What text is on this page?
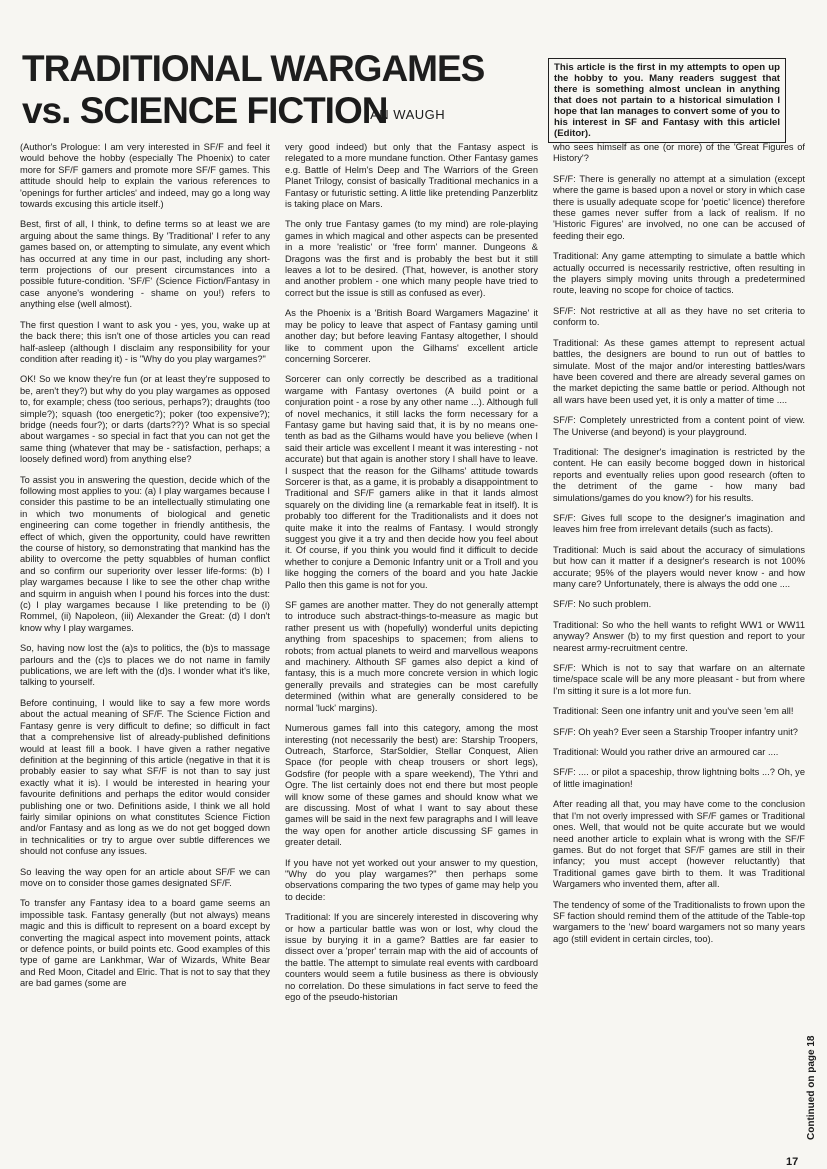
TRADITIONAL WARGAMES
vs. SCIENCE FICTION
IAN WAUGH
This article is the first in my attempts to open up the hobby to you. Many readers suggest that there is something almost unclean in anything that does not partain to a historical simulation I hope that Ian manages to convert some of you to his interest in SF and Fantasy with this articlel (Editor).

(Author's Prologue: I am very interested in SF/F and feel it would behove the hobby (especially The Phoenix) to cater more for SF/F gamers and promote more SF/F games. This attitude should help to explain the various references to 'openings for further articles' and indeed, may go a long way towards excusing this article itself.)

Best, first of all, I think, to define terms so at least we are arguing about the same things. By 'Traditional' I refer to any games based on, or attempting to simulate, any event which has occurred at any time in our past, including any short-term projections of our present circumstances into a possible future-condition. 'SF/F' (Science Fiction/Fantasy in case anyone's wondering - shame on you!) refers to anything else (well almost).

The first question I want to ask you - yes, you, wake up at the back there; this isn't one of those articles you can read half-asleep (although I disclaim any responsibility for your condition after reading it) - is "Why do you play wargames?"

OK! So we know they're fun (or at least they're supposed to be, aren't they?) but why do you play wargames as opposed to, for example; chess (too serious, perhaps?); draughts (too simple?); squash (too energetic?); poker (too expensive?); bridge (needs four?); or darts (darts??)? What is so special about wargames - so special in fact that you can not get the same thing (whatever that may be - satisfaction, perhaps; a loosely defined word) from anything else?

To assist you in answering the question, decide which of the following most applies to you: (a) I play wargames because I consider this pastime to be an intellectually stimulating one in which two monuments of biological and genetic engineering can come together in friendly antithesis, the effect of which, given the opportunity, could have rewritten the course of history, so demonstrating that mankind has the ability to overcome the petty squabbles of human conflict and so confirm our superiority over lesser life-forms: (b) I play wargames because I like to see the other chap writhe and squirm in anguish when I pound his forces into the dust: (c) I play wargames because I like pretending to be (i) Rommel, (ii) Napoleon, (iii) Alexander the Great: (d) I don't know why I play wargames.

So, having now lost the (a)s to politics, the (b)s to massage parlours and the (c)s to places we do not name in family publications, we are left with the (d)s. I wonder what it's like, talking to yourself.

Before continuing, I would like to say a few more words about the actual meaning of SF/F. The Science Fiction and Fantasy genre is very difficult to define; so difficult in fact that a comprehensive list of already-published definitions would at least fill a book. I have given a rather negative definition at the beginning of this article (negative in that it is probably easier to say what SF/F is not than to say just exactly what it is). I would be interested in hearing your favourite definitions and perhaps the editor would consider publishing one or two. Definitions aside, I think we all hold fairly similar opinions on what constitutes Science Fiction and/or Fantasy and as long as we do not get bogged down in technicalities or try to argue over subtle differences we should not confuse any issues.

So leaving the way open for an article about SF/F we can move on to consider those games designated SF/F.

To transfer any Fantasy idea to a board game seems an impossible task. Fantasy generally (but not always) means magic and this is difficult to represent on a board except by converting the magical aspect into movement points, attack or defence points, or build points etc. Good examples of this type of game are Lankhmar, War of Wizards, White Bear and Red Moon, Citadel and Elric. That is not to say that they are bad games (some are

very good indeed) but only that the Fantasy aspect is relegated to a more mundane function. Other Fantasy games e.g. Battle of Helm's Deep and The Warriors of the Green Planet Trilogy, consist of basically Traditional mechanics in a Fantasy or futuristic setting. A little like pretending Panzerblitz is taking place on Mars.

The only true Fantasy games (to my mind) are role-playing games in which magical and other aspects can be presented in a more 'realistic' or 'free form' manner. Dungeons & Dragons was the first and is probably the best but it still leaves a lot to be desired. (That, however, is another story and another problem - one which many people have tried to correct but the issue is still as confused as ever).

As the Phoenix is a 'British Board Wargamers Magazine' it may be policy to leave that aspect of Fantasy gaming until another day; but before leaving Fantasy altogether, I should like to comment upon the Gilhams' excellent article concerning Sorcerer.

Sorcerer can only correctly be described as a traditional wargame with Fantasy overtones (A build point or a conjuration point - a rose by any other name ...). Although full of novel mechanics, it still lacks the form necessary for a Fantasy game but having said that, it is by no means one-tenth as bad as the Gilhams would have you believe (when I said their article was excellent I meant it was interesting - not accurate) but that again is another story I shall have to leave. I suspect that the reason for the Gilhams' attitude towards Sorcerer is that, as a game, it is probably a disappointment to Traditional and SF/F gamers alike in that it lands almost squarely on the dividing line (a remarkable feat in itself). It is probably too different for the Traditionalists and it does not quite make it into the realms of Fantasy. I would strongly suggest you give it a try and then decide how you feel about it. Of course, if you think you would find it difficult to decide whether to conjure a Demonic Infantry unit or a Troll and you like hogging the corners of the board and you hate Jackie Pallo then this game is not for you.

SF games are another matter. They do not generally attempt to introduce such abstract-things-to-measure as magic but rather present us with (hopefully) wonderful units depicting anything from spaceships to spacemen; from aliens to robots; from actual planets to weird and marvellous weapons and machinery. Althouth SF games also depict a kind of fantasy, this is a much more concrete version in which logic generally prevails and strategies can be most carefully determined (within what are generally considered to be normal 'luck' margins).

Numerous games fall into this category, among the most interesting (not necessarily the best) are: Starship Troopers, Outreach, Starforce, StarSoldier, Stellar Conquest, Alien Space (for people with cheap trousers or short legs), Godsfire (for people with a spare weekend), The Ythri and Ogre. The list certainly does not end there but most people will know some of these games and should know what we are discussing. Most of what I want to say about these games will be said in the next few paragraphs and I will leave the way open for another article discussing SF games in greater detail.

If you have not yet worked out your answer to my question, "Why do you play wargames?" then perhaps some observations comparing the two types of game may help you to decide:

Traditional: If you are sincerely interested in discovering why or how a particular battle was won or lost, why cloud the issue by burying it in a game? Battles are far easier to dissect over a 'proper' terrain map with the aid of accounts of the battle. The attempt to simulate real events with cardboard counters would seem a futile business as there is obviously no correlation. Do these simulations in fact serve to feed the ego of the pseudo-historian

who sees himself as one (or more) of the 'Great Figures of History'?

SF/F: There is generally no attempt at a simulation (except where the game is based upon a novel or story in which case there is usually adequate scope for 'poetic' licence) therefore these games never suffer from a lack of realism. If no 'Historic Figures' are involved, no one can be accused of feeding their ego.

Traditional: Any game attempting to simulate a battle which actually occurred is necessarily restrictive, often resulting in the players simply moving units through a predetermined route, leaving no scope for choice of tactics.

SF/F: Not restrictive at all as they have no set criteria to conform to.

Traditional: As these games attempt to represent actual battles, the designers are bound to run out of battles to simulate. Most of the major and/or interesting battles/wars have been covered and there are already several games on the market depicting the same battle or period. Although not all wars have been used yet, it is only a matter of time ....

SF/F: Completely unrestricted from a content point of view. The Universe (and beyond) is your playground.

Traditional: The designer's imagination is restricted by the content. He can easily become bogged down in historical reports and eventually relies upon good research (often to the detriment of the game - how many bad simulations/games do you know?) for his results.

SF/F: Gives full scope to the designer's imagination and leaves him free from irrelevant details (such as facts).

Traditional: Much is said about the accuracy of simulations but how can it matter if a designer's research is not 100% accurate; 95% of the players would never know - and how many care? Unfortunately, there is always the odd one ....

SF/F: No such problem.

Traditional: So who the hell wants to refight WW1 or WW11 anyway? Answer (b) to my first question and report to your nearest army-recruitment centre.

SF/F: Which is not to say that warfare on an alternate time/space scale will be any more pleasant - but from where I'm sitting it sure is a lot more fun.

Traditional: Seen one infantry unit and you've seen 'em all!

SF/F: Oh yeah? Ever seen a Starship Trooper infantry unit?

Traditional: Would you rather drive an armoured car ....

SF/F: .... or pilot a spaceship, throw lightning bolts ...? Oh, ye of little imagination!

After reading all that, you may have come to the conclusion that I'm not overly impressed with SF/F games or Traditional ones. Well, that would not be quite accurate but we would need another article to explain what is wrong with the SF/F games. But do not forget that SF/F games are still in their infancy; you must accept (however reluctantly) that Traditional games gave birth to them. It was Traditional Wargamers who invented them, after all.

The tendency of some of the Traditionalists to frown upon the SF faction should remind them of the attitude of the Table-top wargamers to the 'new' board wargamers not so many years ago (still evident in certain circles, too).

Continued on page 18
17
